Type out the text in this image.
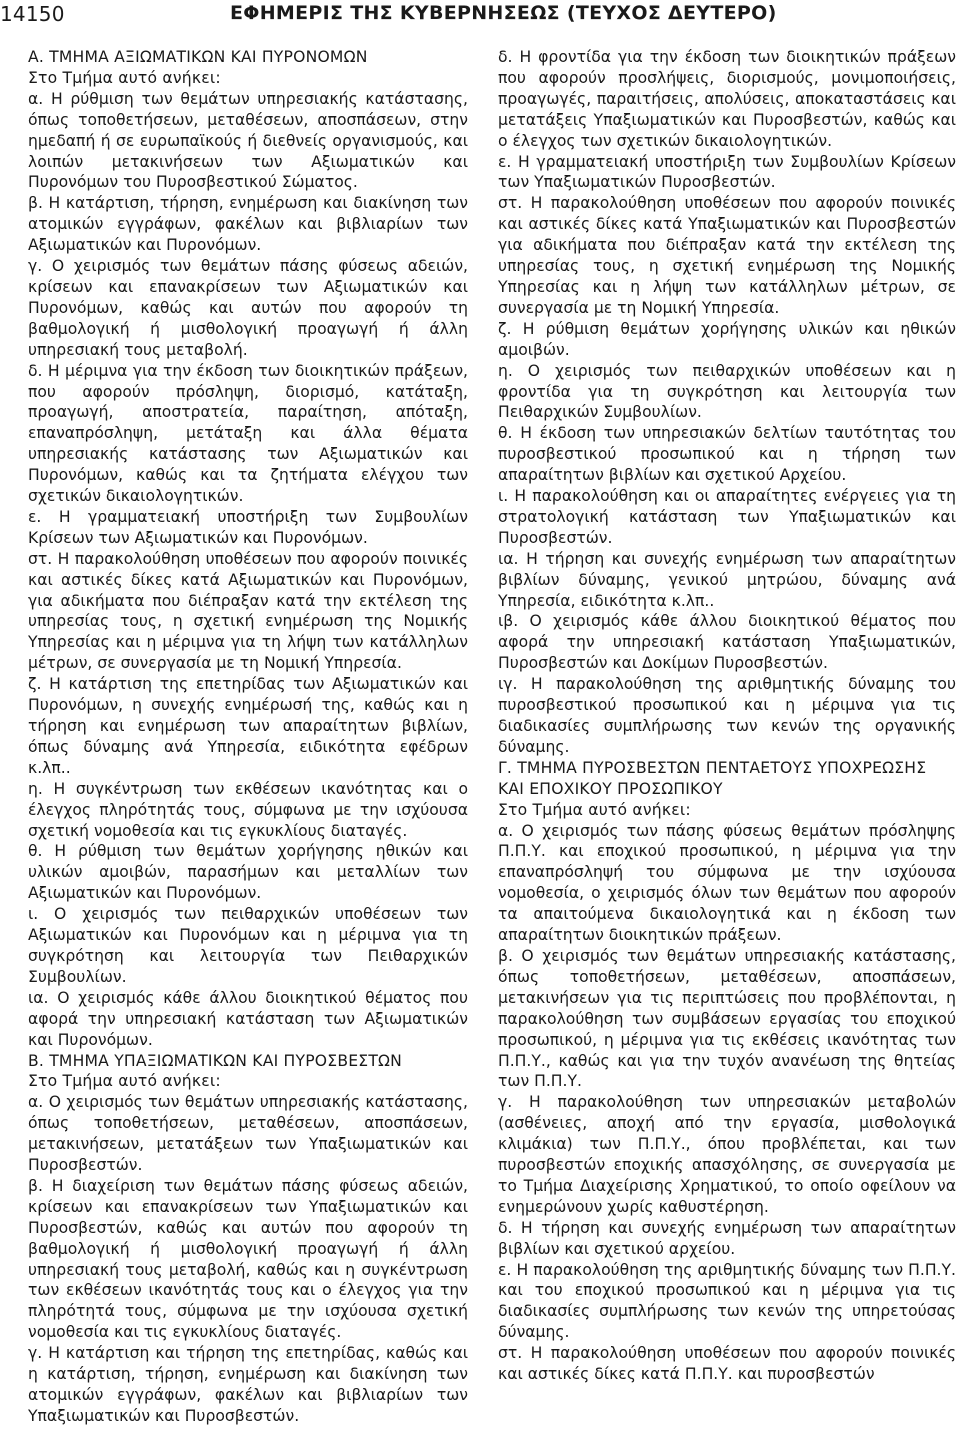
14150	ΕΦΗΜΕΡΙΣ ΤΗΣ ΚΥΒΕΡΝΗΣΕΩΣ (ΤΕΥΧΟΣ ΔΕΥΤΕΡΟ)

Α. ΤΜΗΜΑ ΑΞΙΩΜΑΤΙΚΩΝ ΚΑΙ ΠΥΡΟΝΟΜΩΝ

Στο Τμήμα αυτό ανήκει:

α. Η ρύθμιση των θεμάτων υπηρεσιακής κατάστασης, όπως τοποθετήσεων, μεταθέσεων, αποσπάσεων, στην ημεδαπή ή σε ευρωπαϊκούς ή διεθνείς οργανισμούς, και λοιπών μετακινήσεων των Αξιωματικών και Πυρονόμων του Πυροσβεστικού Σώματος.

β. Η κατάρτιση, τήρηση, ενημέρωση και διακίνηση των ατομικών εγγράφων, φακέλων και βιβλιαρίων των Αξιωματικών και Πυρονόμων.

γ. Ο χειρισμός των θεμάτων πάσης φύσεως αδειών, κρίσεων και επανακρίσεων των Αξιωματικών και Πυρονόμων, καθώς και αυτών που αφορούν τη βαθμολογική ή μισθολογική προαγωγή ή άλλη υπηρεσιακή τους μεταβολή.

δ. Η μέριμνα για την έκδοση των διοικητικών πράξεων, που αφορούν πρόσληψη, διορισμό, κατάταξη, προαγωγή, αποστρατεία, παραίτηση, απόταξη, επαναπρόσληψη, μετάταξη και άλλα θέματα υπηρεσιακής κατάστασης των Αξιωματικών και Πυρονόμων, καθώς και τα ζητήματα ελέγχου των σχετικών δικαιολογητικών.

ε. Η γραμματειακή υποστήριξη των Συμβουλίων Κρίσεων των Αξιωματικών και Πυρονόμων.

στ. Η παρακολούθηση υποθέσεων που αφορούν ποινικές και αστικές δίκες κατά Αξιωματικών και Πυρονόμων, για αδικήματα που διέπραξαν κατά την εκτέλεση της υπηρεσίας τους, η σχετική ενημέρωση της Νομικής Υπηρεσίας και η μέριμνα για τη λήψη των κατάλληλων μέτρων, σε συνεργασία με τη Νομική Υπηρεσία.

ζ. Η κατάρτιση της επετηρίδας των Αξιωματικών και Πυρονόμων, η συνεχής ενημέρωσή της, καθώς και η τήρηση και ενημέρωση των απαραίτητων βιβλίων, όπως δύναμης ανά Υπηρεσία, ειδικότητα εφέδρων κ.λπ..

η. Η συγκέντρωση των εκθέσεων ικανότητας και ο έλεγχος πληρότητάς τους, σύμφωνα με την ισχύουσα σχετική νομοθεσία και τις εγκυκλίους διαταγές.

θ. Η ρύθμιση των θεμάτων χορήγησης ηθικών και υλικών αμοιβών, παρασήμων και μεταλλίων των Αξιωματικών και Πυρονόμων.

ι. Ο χειρισμός των πειθαρχικών υποθέσεων των Αξιωματικών και Πυρονόμων και η μέριμνα για τη συγκρότηση και λειτουργία των Πειθαρχικών Συμβουλίων.

ια. Ο χειρισμός κάθε άλλου διοικητικού θέματος που αφορά την υπηρεσιακή κατάσταση των Αξιωματικών και Πυρονόμων.

Β. ΤΜΗΜΑ ΥΠΑΞΙΩΜΑΤΙΚΩΝ ΚΑΙ ΠΥΡΟΣΒΕΣΤΩΝ

Στο Τμήμα αυτό ανήκει:

α. Ο χειρισμός των θεμάτων υπηρεσιακής κατάστασης, όπως τοποθετήσεων, μεταθέσεων, αποσπάσεων, μετακινήσεων, μετατάξεων των Υπαξιωματικών και Πυροσβεστών.

β. Η διαχείριση των θεμάτων πάσης φύσεως αδειών, κρίσεων και επανακρίσεων των Υπαξιωματικών και Πυροσβεστών, καθώς και αυτών που αφορούν τη βαθμολογική ή μισθολογική προαγωγή ή άλλη υπηρεσιακή τους μεταβολή, καθώς και η συγκέντρωση των εκθέσεων ικανότητάς τους και ο έλεγχος για την πληρότητά τους, σύμφωνα με την ισχύουσα σχετική νομοθεσία και τις εγκυκλίους διαταγές.

γ. Η κατάρτιση και τήρηση της επετηρίδας, καθώς και η κατάρτιση, τήρηση, ενημέρωση και διακίνηση των ατομικών εγγράφων, φακέλων και βιβλιαρίων των Υπαξιωματικών και Πυροσβεστών.

δ. Η φροντίδα για την έκδοση των διοικητικών πράξεων που αφορούν προσλήψεις, διορισμούς, μονιμοποιήσεις, προαγωγές, παραιτήσεις, απολύσεις, αποκαταστάσεις και μετατάξεις Υπαξιωματικών και Πυροσβεστών, καθώς και ο έλεγχος των σχετικών δικαιολογητικών.

ε. Η γραμματειακή υποστήριξη των Συμβουλίων Κρίσεων των Υπαξιωματικών Πυροσβεστών.

στ. Η παρακολούθηση υποθέσεων που αφορούν ποινικές και αστικές δίκες κατά Υπαξιωματικών και Πυροσβεστών για αδικήματα που διέπραξαν κατά την εκτέλεση της υπηρεσίας τους, η σχετική ενημέρωση της Νομικής Υπηρεσίας και η λήψη των κατάλληλων μέτρων, σε συνεργασία με τη Νομική Υπηρεσία.

ζ. Η ρύθμιση θεμάτων χορήγησης υλικών και ηθικών αμοιβών.

η. Ο χειρισμός των πειθαρχικών υποθέσεων και η φροντίδα για τη συγκρότηση και λειτουργία των Πειθαρχικών Συμβουλίων.

θ. Η έκδοση των υπηρεσιακών δελτίων ταυτότητας του πυροσβεστικού προσωπικού και η τήρηση των απαραίτητων βιβλίων και σχετικού Αρχείου.

ι. Η παρακολούθηση και οι απαραίτητες ενέργειες για τη στρατολογική κατάσταση των Υπαξιωματικών και Πυροσβεστών.

ια. Η τήρηση και συνεχής ενημέρωση των απαραίτητων βιβλίων δύναμης, γενικού μητρώου, δύναμης ανά Υπηρεσία, ειδικότητα κ.λπ..

ιβ. Ο χειρισμός κάθε άλλου διοικητικού θέματος που αφορά την υπηρεσιακή κατάσταση Υπαξιωματικών, Πυροσβεστών και Δοκίμων Πυροσβεστών.

ιγ. Η παρακολούθηση της αριθμητικής δύναμης του πυροσβεστικού προσωπικού και η μέριμνα για τις διαδικασίες συμπλήρωσης των κενών της οργανικής δύναμης.

Γ. ΤΜΗΜΑ ΠΥΡΟΣΒΕΣΤΩΝ ΠΕΝΤΑΕΤΟΥΣ ΥΠΟΧΡΕΩΣΗΣ ΚΑΙ ΕΠΟΧΙΚΟΥ ΠΡΟΣΩΠΙΚΟΥ

Στο Τμήμα αυτό ανήκει:

α. Ο χειρισμός των πάσης φύσεως θεμάτων πρόσληψης Π.Π.Υ. και εποχικού προσωπικού, η μέριμνα για την επαναπρόσληψή του σύμφωνα με την ισχύουσα νομοθεσία, ο χειρισμός όλων των θεμάτων που αφορούν τα απαιτούμενα δικαιολογητικά και η έκδοση των απαραίτητων διοικητικών πράξεων.

β. Ο χειρισμός των θεμάτων υπηρεσιακής κατάστασης, όπως τοποθετήσεων, μεταθέσεων, αποσπάσεων, μετακινήσεων για τις περιπτώσεις που προβλέπονται, η παρακολούθηση των συμβάσεων εργασίας του εποχικού προσωπικού, η μέριμνα για τις εκθέσεις ικανότητας των Π.Π.Υ., καθώς και για την τυχόν ανανέωση της θητείας των Π.Π.Υ.

γ. Η παρακολούθηση των υπηρεσιακών μεταβολών (ασθένειες, αποχή από την εργασία, μισθολογικά κλιμάκια) των Π.Π.Υ., όπου προβλέπεται, και των πυροσβεστών εποχικής απασχόλησης, σε συνεργασία με το Τμήμα Διαχείρισης Χρηματικού, το οποίο οφείλουν να ενημερώνουν χωρίς καθυστέρηση.

δ. Η τήρηση και συνεχής ενημέρωση των απαραίτητων βιβλίων και σχετικού αρχείου.

ε. Η παρακολούθηση της αριθμητικής δύναμης των Π.Π.Υ. και του εποχικού προσωπικού και η μέριμνα για τις διαδικασίες συμπλήρωσης των κενών της υπηρετούσας δύναμης.

στ. Η παρακολούθηση υποθέσεων που αφορούν ποινικές και αστικές δίκες κατά Π.Π.Υ. και πυροσβεστών
